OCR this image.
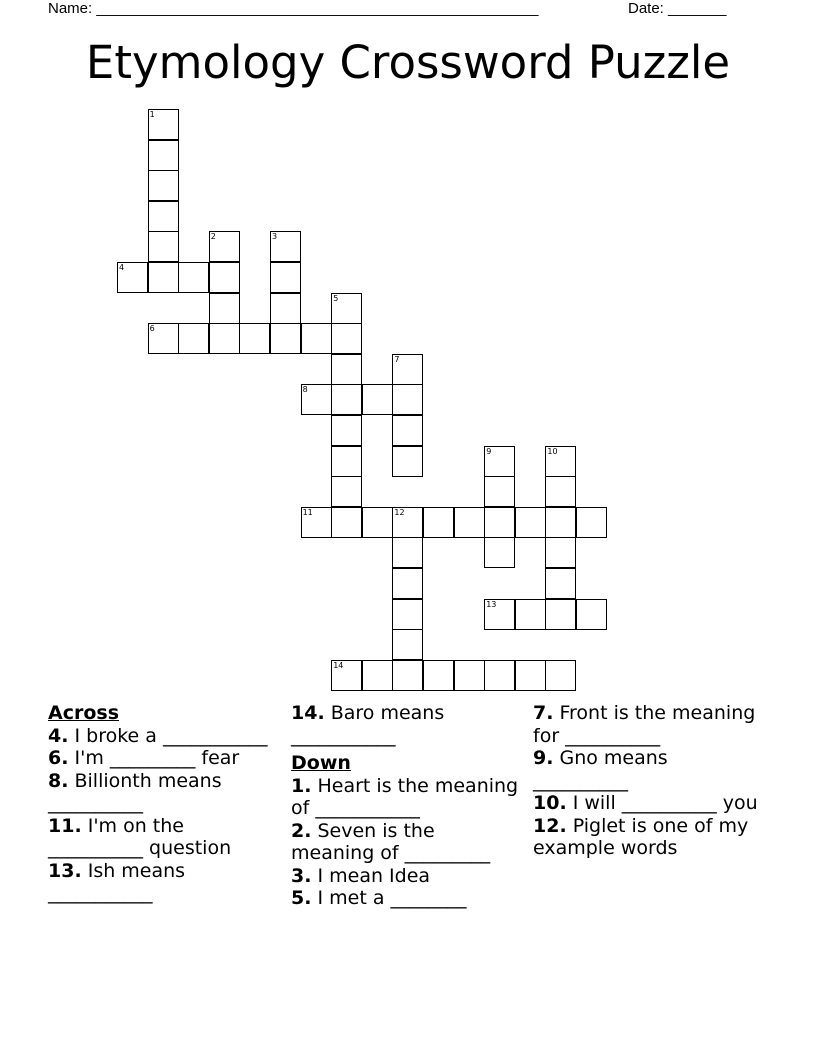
Name: _____________________________________________________	Date: _______
Etymology Crossword Puzzle
1
2	3
4
5
6
7
8
9	10
11	12
13
14
Across
4. I broke a ___________
6. I'm _________ fear
8. Billionth means __________
11. I'm on the __________ question
13. Ish means ___________
14. Baro means ___________
Down
1. Heart is the meaning of ___________
2. Seven is the meaning of _________
3. I mean Idea
5. I met a ________
7. Front is the meaning for __________
9. Gno means __________
10. I will __________ you
12. Piglet is one of my example words
